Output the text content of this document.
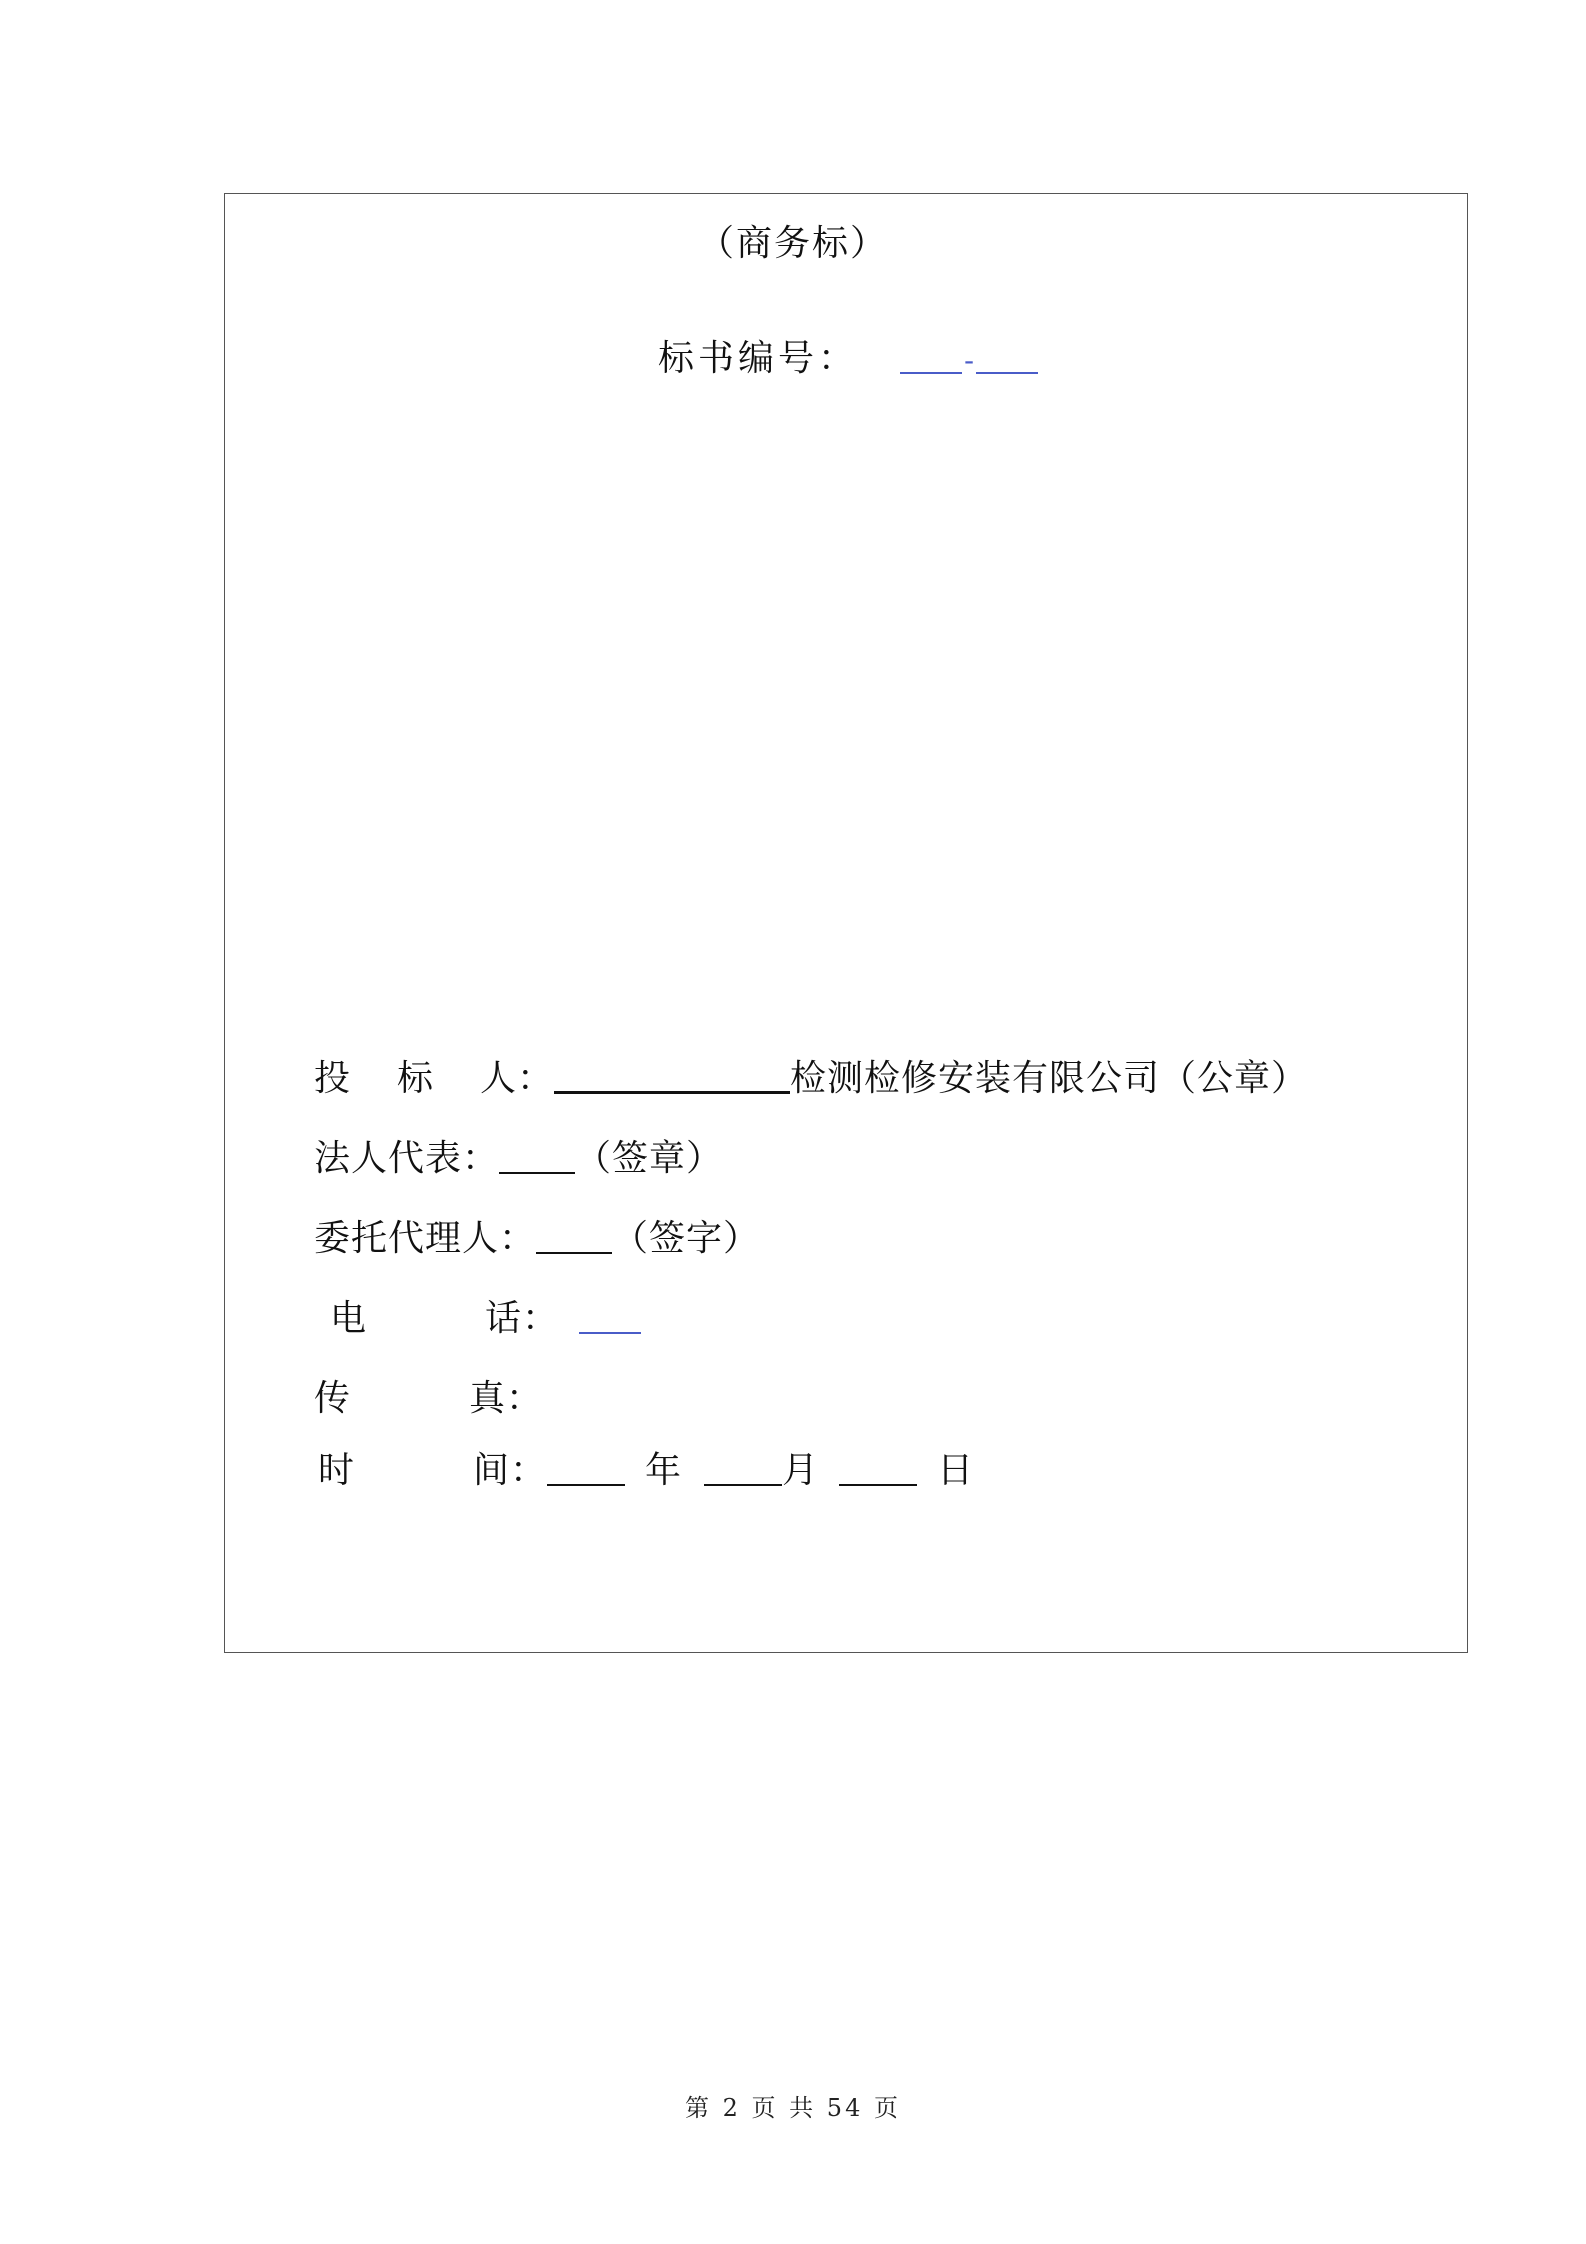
（商务标）
标书编号：	-
投 标 人：	检测检修安装有限公司（公章）
法人代表： （签章）
委托代理人： （签字）
电	话：
传	真：
时	间：	年	月	日
第 2 页 共 54 页
